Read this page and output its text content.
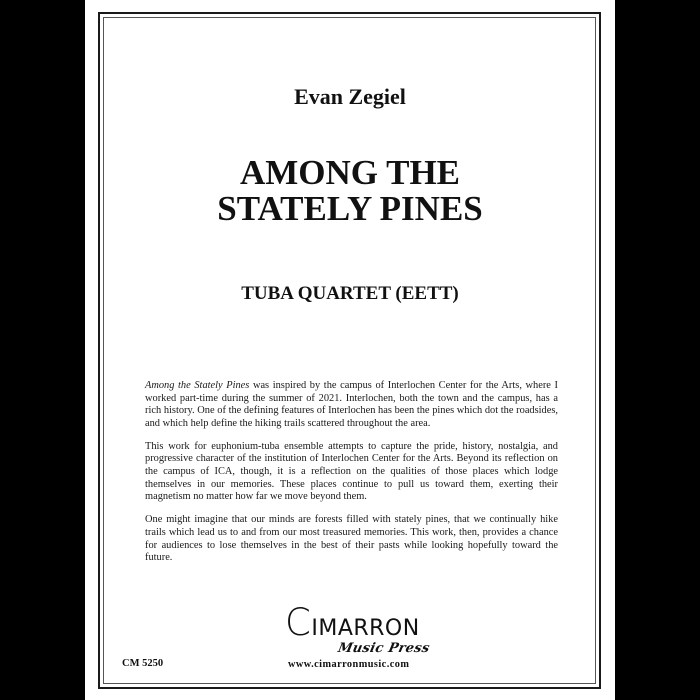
Evan Zegiel
AMONG THE
STATELY PINES
TUBA QUARTET (EETT)

Among the Stately Pines was inspired by the campus of Interlochen Center for the Arts, where I worked part-time during the summer of 2021. Interlochen, both the town and the campus, has a rich history. One of the defining features of Interlochen has been the pines which dot the roadsides, and which help define the hiking trails scattered throughout the area.

This work for euphonium-tuba ensemble attempts to capture the pride, history, nostalgia, and progressive character of the institution of Interlochen Center for the Arts. Beyond its reflection on the campus of ICA, though, it is a reflection on the qualities of those places which lodge themselves in our memories. These places continue to pull us toward them, exerting their magnetism no matter how far we move beyond them.

One might imagine that our minds are forests filled with stately pines, that we continually hike trails which lead us to and from our most treasured memories. This work, then, provides a chance for audiences to lose themselves in the best of their pasts while looking hopefully toward the future.

CM 5250
CIMARRON
Music Press
www.cimarronmusic.com
